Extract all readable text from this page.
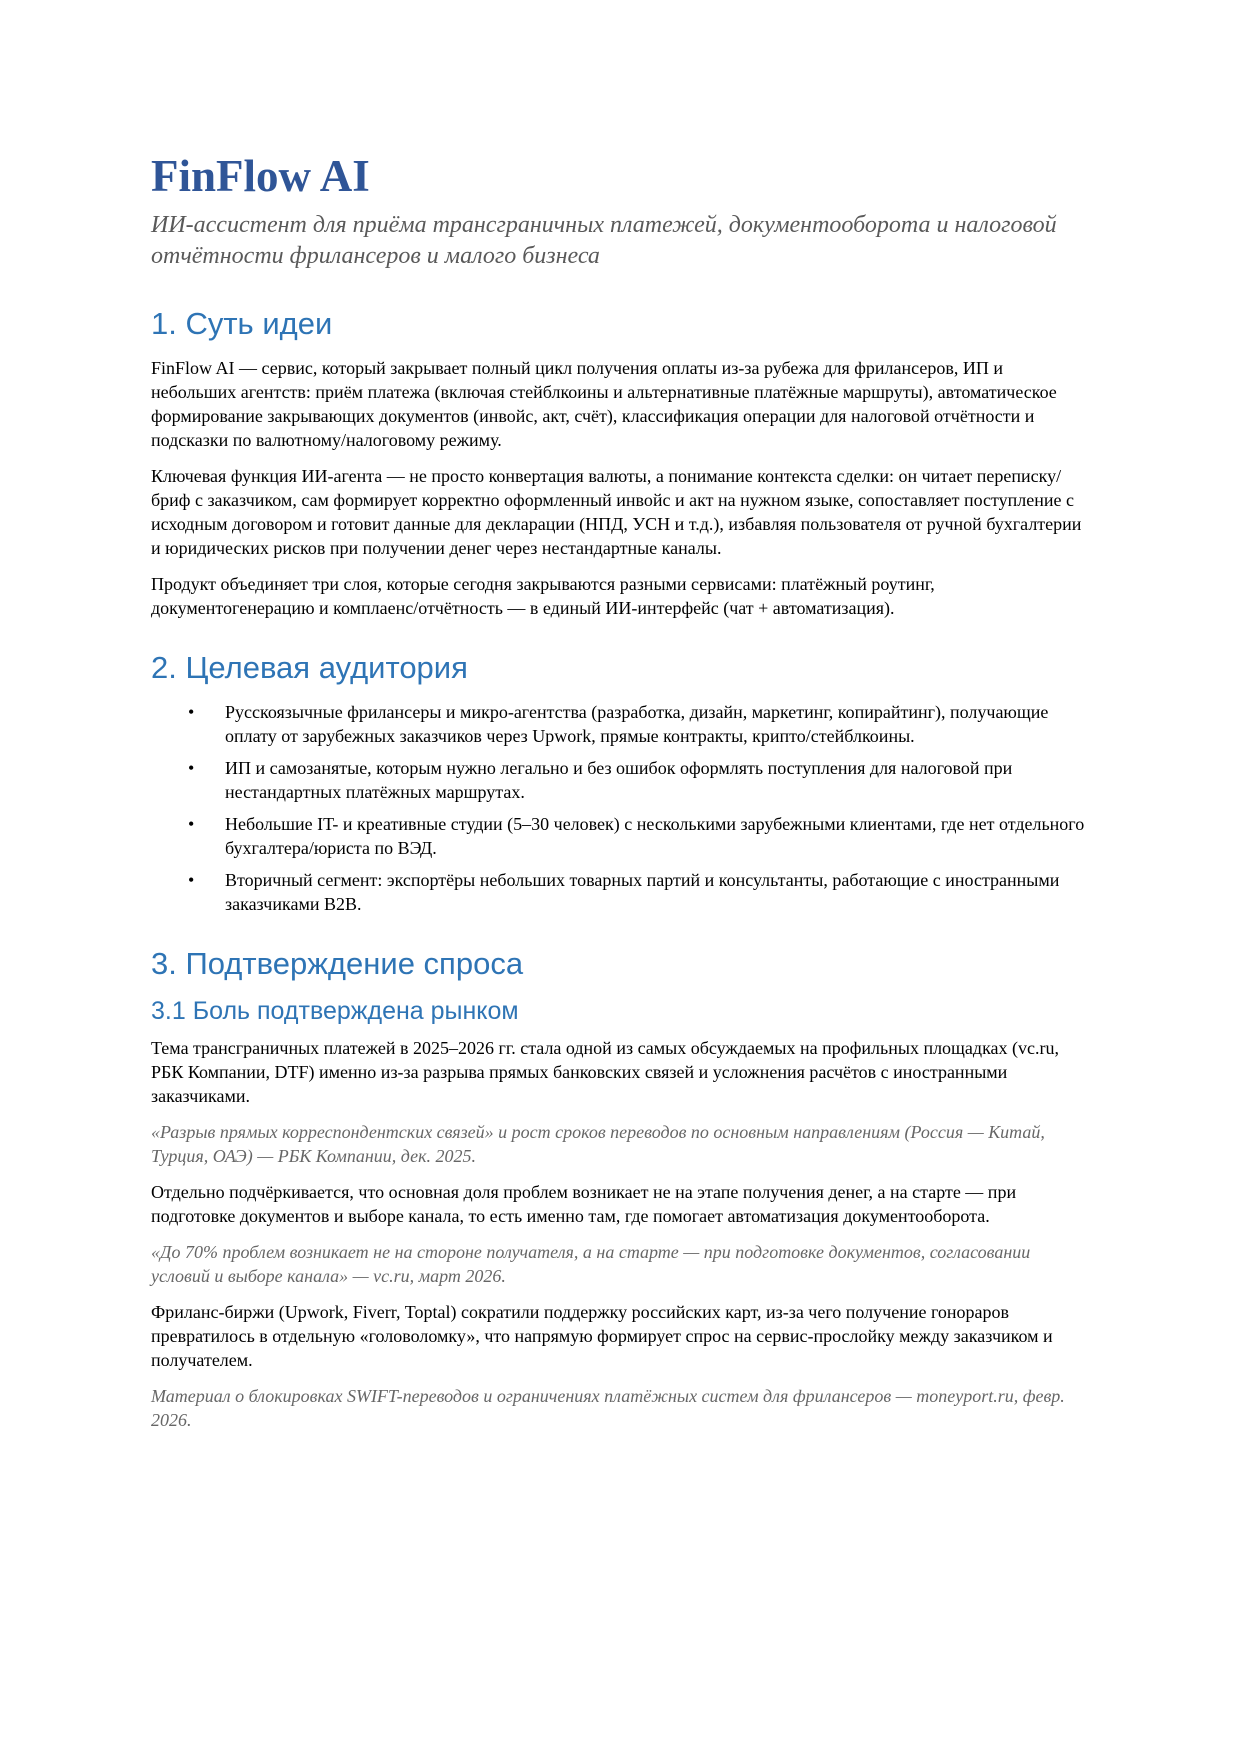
FinFlow AI
ИИ-ассистент для приёма трансграничных платежей, документооборота и налоговой отчётности фрилансеров и малого бизнеса
1. Суть идеи

FinFlow AI — сервис, который закрывает полный цикл получения оплаты из-за рубежа для фрилансеров, ИП и небольших агентств: приём платежа (включая стейблкоины и альтернативные платёжные маршруты), автоматическое формирование закрывающих документов (инвойс, акт, счёт), классификация операции для налоговой отчётности и подсказки по валютному/налоговому режиму.

Ключевая функция ИИ-агента — не просто конвертация валюты, а понимание контекста сделки: он читает переписку/бриф с заказчиком, сам формирует корректно оформленный инвойс и акт на нужном языке, сопоставляет поступление с исходным договором и готовит данные для декларации (НПД, УСН и т.д.), избавляя пользователя от ручной бухгалтерии и юридических рисков при получении денег через нестандартные каналы.

Продукт объединяет три слоя, которые сегодня закрываются разными сервисами: платёжный роутинг, документогенерацию и комплаенс/отчётность — в единый ИИ-интерфейс (чат + автоматизация).

2. Целевая аудитория
• Русскоязычные фрилансеры и микро-агентства (разработка, дизайн, маркетинг, копирайтинг), получающие оплату от зарубежных заказчиков через Upwork, прямые контракты, крипто/стейблкоины.
• ИП и самозанятые, которым нужно легально и без ошибок оформлять поступления для налоговой при нестандартных платёжных маршрутах.
• Небольшие IT- и креативные студии (5–30 человек) с несколькими зарубежными клиентами, где нет отдельного бухгалтера/юриста по ВЭД.
• Вторичный сегмент: экспортёры небольших товарных партий и консультанты, работающие с иностранными заказчиками B2B.
3. Подтверждение спроса
3.1 Боль подтверждена рынком

Тема трансграничных платежей в 2025–2026 гг. стала одной из самых обсуждаемых на профильных площадках (vc.ru, РБК Компании, DTF) именно из-за разрыва прямых банковских связей и усложнения расчётов с иностранными заказчиками.

«Разрыв прямых корреспондентских связей» и рост сроков переводов по основным направлениям (Россия — Китай, Турция, ОАЭ) — РБК Компании, дек. 2025.

Отдельно подчёркивается, что основная доля проблем возникает не на этапе получения денег, а на старте — при подготовке документов и выборе канала, то есть именно там, где помогает автоматизация документооборота.

«До 70% проблем возникает не на стороне получателя, а на старте — при подготовке документов, согласовании условий и выборе канала» — vc.ru, март 2026.

Фриланс-биржи (Upwork, Fiverr, Toptal) сократили поддержку российских карт, из-за чего получение гонораров превратилось в отдельную «головоломку», что напрямую формирует спрос на сервис-прослойку между заказчиком и получателем.

Материал о блокировках SWIFT-переводов и ограничениях платёжных систем для фрилансеров — moneyport.ru, февр. 2026.
